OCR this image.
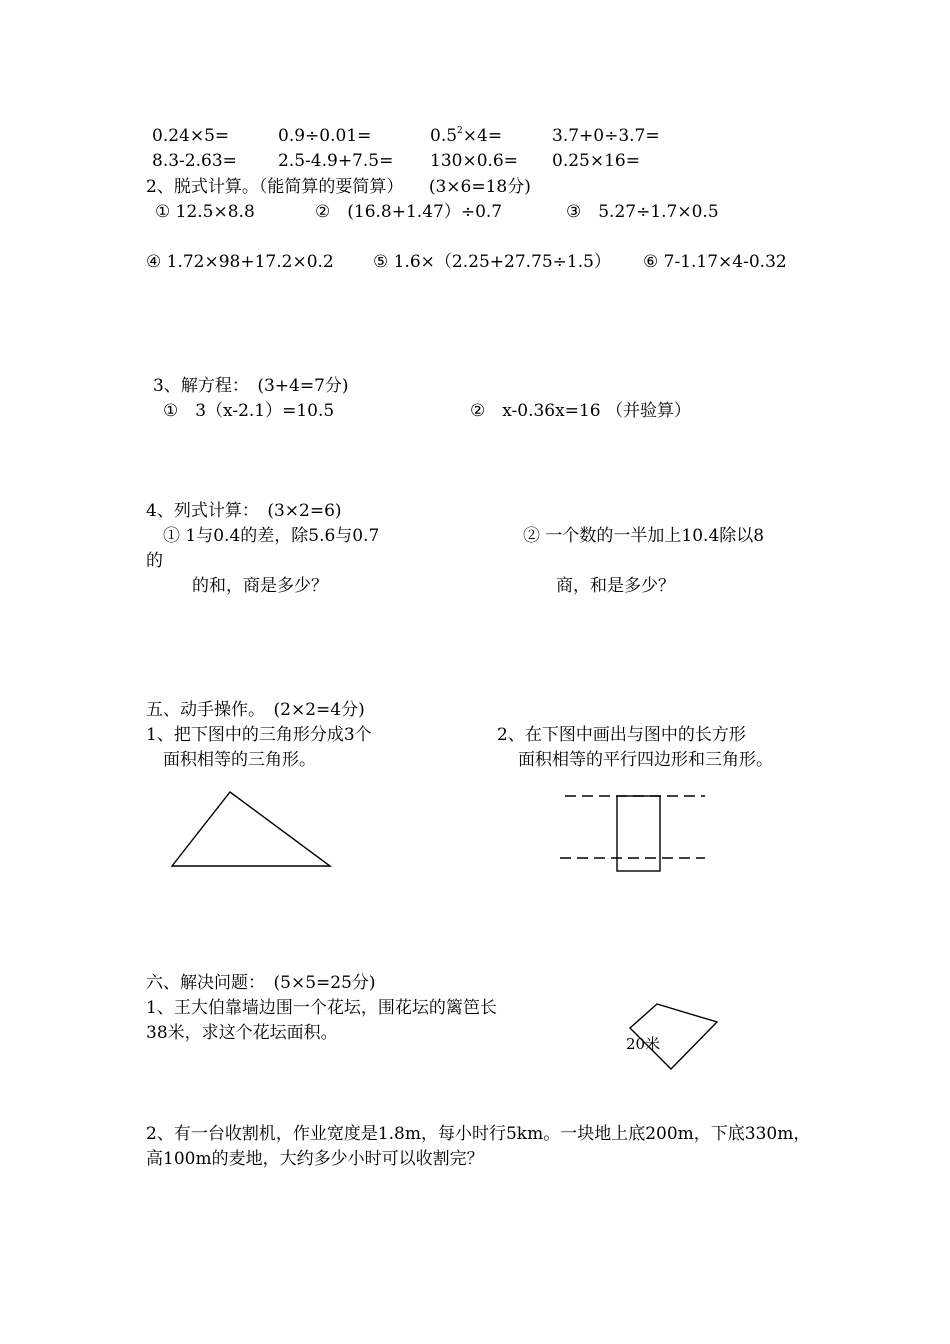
0.24×5=	0.9÷0.01=	$0.5^2\times 4=$	3.7+0÷3.7=
8.3-2.63= 2.5-4.9+7.5= 130×0.6= 0.25×16=
2、脱式计算。（能简算的要简算）　　(3×6=18分)
① 12.5×8.8	②　(16.8+1.47）÷0.7	③　5.27÷1.7×0.5
④ 1.72×98+17.2×0.2 ⑤ 1.6×（2.25+27.75÷1.5） ⑥ 7-1.17×4-0.32
3、解方程：　(3+4=7分)
①　3（x-2.1）=10.5	②　x-0.36x=16 （并验算）
4、列式计算：　(3×2=6)
① 1与0.4的差，除5.6与0.7
的
的和，商是多少？
② 一个数的一半加上10.4除以8
商，和是多少？
五、动手操作。　(2×2=4分)
1、把下图中的三角形分成3个
面积相等的三角形。
2、在下图中画出与图中的长方形
面积相等的平行四边形和三角形。
六、解决问题：　(5×5=25分)
1、王大伯靠墙边围一个花坛，围花坛的篱笆长
38米，求这个花坛面积。
20米
2、有一台收割机，作业宽度是1.8m，每小时行5km。一块地上底200m，下底330m，
高100m的麦地，大约多少小时可以收割完？
